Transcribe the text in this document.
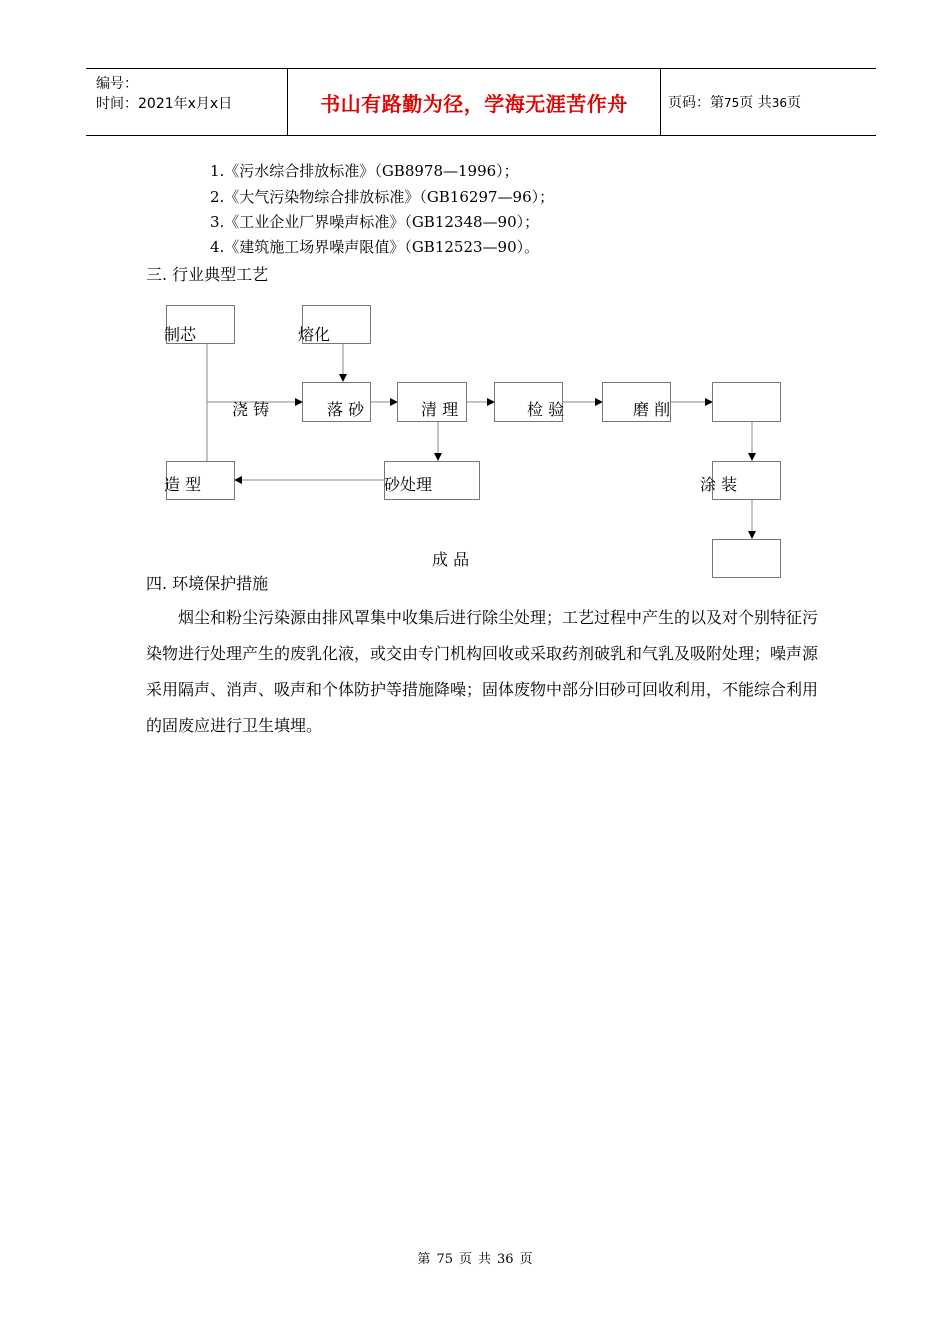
编号：
时间：2021年x月x日	书山有路勤为径，学海无涯苦作舟	页码：第75页 共36页
1.《污水综合排放标准》（GB8978—1996）；
2.《大气污染物综合排放标准》（GB16297—96）；
3.《工业企业厂界噪声标准》（GB12348—90）；
4.《建筑施工场界噪声限值》（GB12523—90）。
三. 行业典型工艺
制芯	熔化
浇 铸	落 砂	清 理	检 验	磨 削
造 型	砂处理	涂 装
成 品
四. 环境保护措施
烟尘和粉尘污染源由排风罩集中收集后进行除尘处理；工艺过程中产生的以及对个别特征污染物进行处理产生的废乳化液，或交由专门机构回收或采取药剂破乳和气乳及吸附处理；噪声源采用隔声、消声、吸声和个体防护等措施降噪；固体废物中部分旧砂可回收利用，不能综合利用的固废应进行卫生填埋。
第 75 页 共 36 页
